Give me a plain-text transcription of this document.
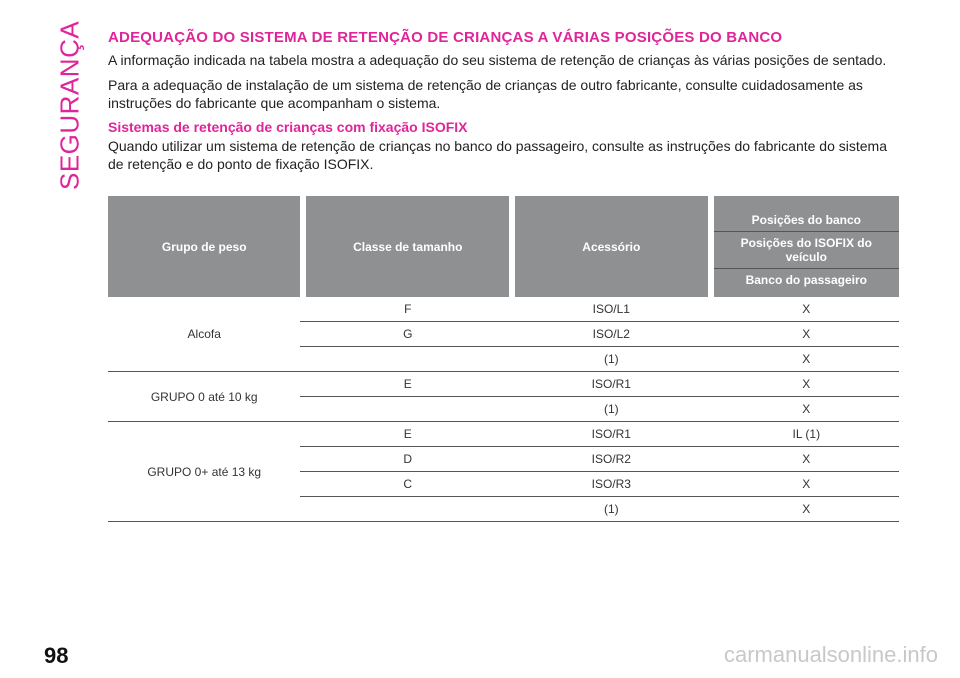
SEGURANÇA	ADEQUAÇÃO DO SISTEMA DE RETENÇÃO DE CRIANÇAS A VÁRIAS POSIÇÕES DO BANCO

A informação indicada na tabela mostra a adequação do seu sistema de retenção de crianças às várias posições de sentado.

Para a adequação de instalação de um sistema de retenção de crianças de outro fabricante, consulte cuidadosamente as instruções do fabricante que acompanham o sistema.

Sistemas de retenção de crianças com fixação ISOFIX

Quando utilizar um sistema de retenção de crianças no banco do passageiro, consulte as instruções do fabricante do sistema de retenção e do ponto de fixação ISOFIX.

Grupo de peso		Classe de tamanho		Acessório		Posições do banco
Posições do ISOFIX do veículo
Banco do passageiro

Alcofa		F		ISO/L1		X
		G		ISO/L2		X
				(1)		X
GRUPO 0 até 10 kg		E		ISO/R1		X
				(1)		X
GRUPO 0+ até 13 kg		E		ISO/R1		IL (1)
		D		ISO/R2		X
		C		ISO/R3		X
				(1)		X
98	carmanualsonline.info
